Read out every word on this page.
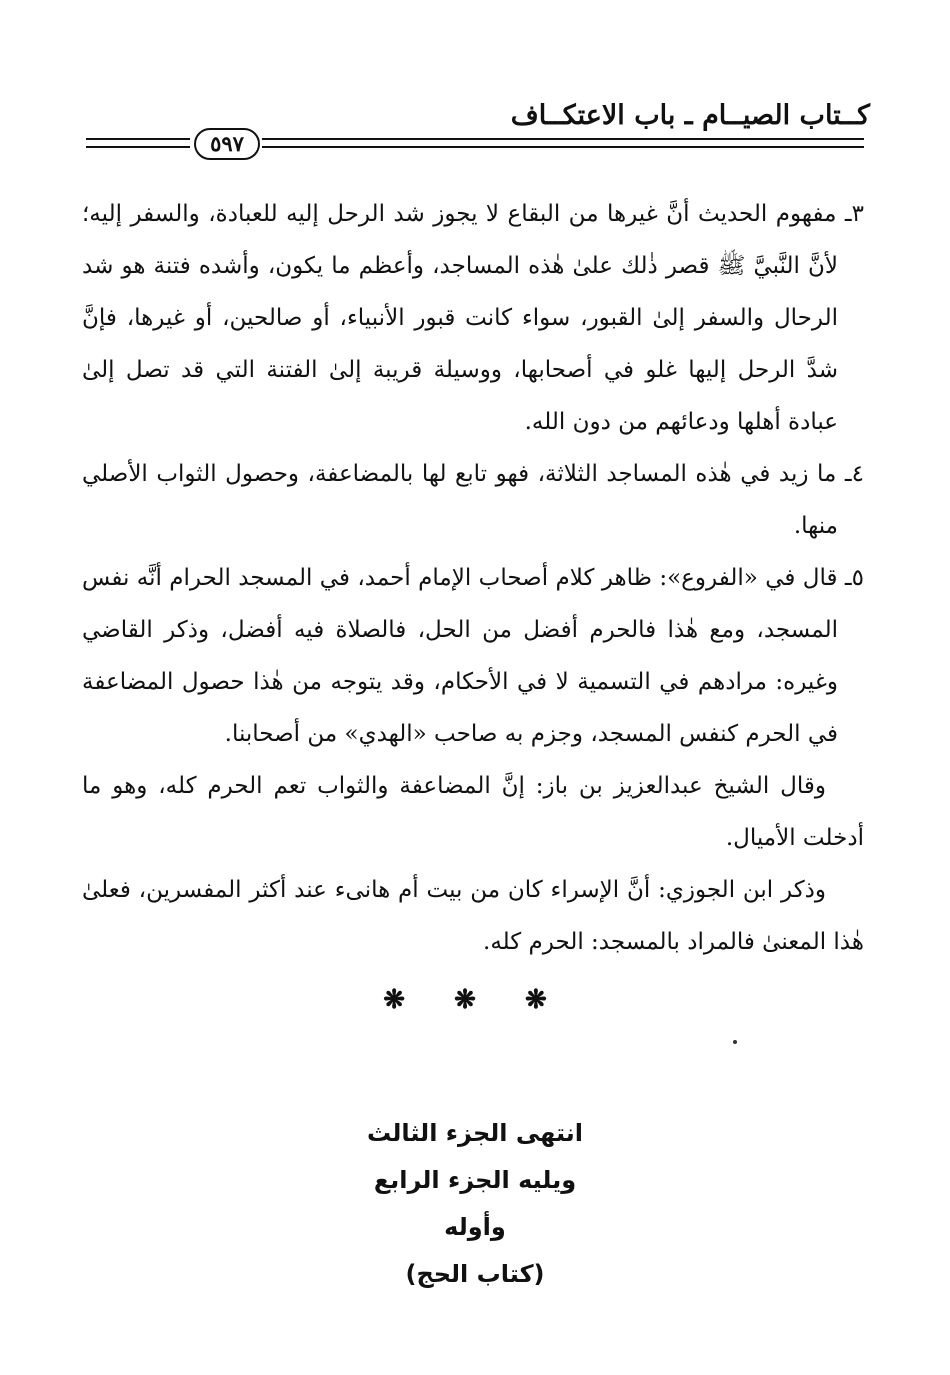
كــتاب الصيــام ـ باب الاعتكــاف
٥٩٧

٣ـ مفهوم الحديث أنَّ غيرها من البقاع لا يجوز شد الرحل إليه للعبادة، والسفر إليه؛ لأنَّ النَّبيَّ ﷺ قصر ذٰلك علىٰ هٰذه المساجد، وأعظم ما يكون، وأشده فتنة هو شد الرحال والسفر إلىٰ القبور، سواء كانت قبور الأنبياء، أو صالحين، أو غيرها، فإنَّ شدَّ الرحل إليها غلو في أصحابها، ووسيلة قريبة إلىٰ الفتنة التي قد تصل إلىٰ عبادة أهلها ودعائهم من دون الله.

٤ـ ما زيد في هٰذه المساجد الثلاثة، فهو تابع لها بالمضاعفة، وحصول الثواب الأصلي منها.

٥ـ قال في «الفروع»: ظاهر كلام أصحاب الإمام أحمد، في المسجد الحرام أنَّه نفس المسجد، ومع هٰذا فالحرم أفضل من الحل، فالصلاة فيه أفضل، وذكر القاضي وغيره: مرادهم في التسمية لا في الأحكام، وقد يتوجه من هٰذا حصول المضاعفة في الحرم كنفس المسجد، وجزم به صاحب «الهدي» من أصحابنا.

وقال الشيخ عبدالعزيز بن باز: إنَّ المضاعفة والثواب تعم الحرم كله، وهو ما أدخلت الأميال.

وذكر ابن الجوزي: أنَّ الإسراء كان من بيت أم هانىء عند أكثر المفسرين، فعلىٰ هٰذا المعنىٰ فالمراد بالمسجد: الحرم كله.

❋ ❋ ❋
انتهى الجزء الثالث
ويليه الجزء الرابع
وأوله
(كتاب الحج)
